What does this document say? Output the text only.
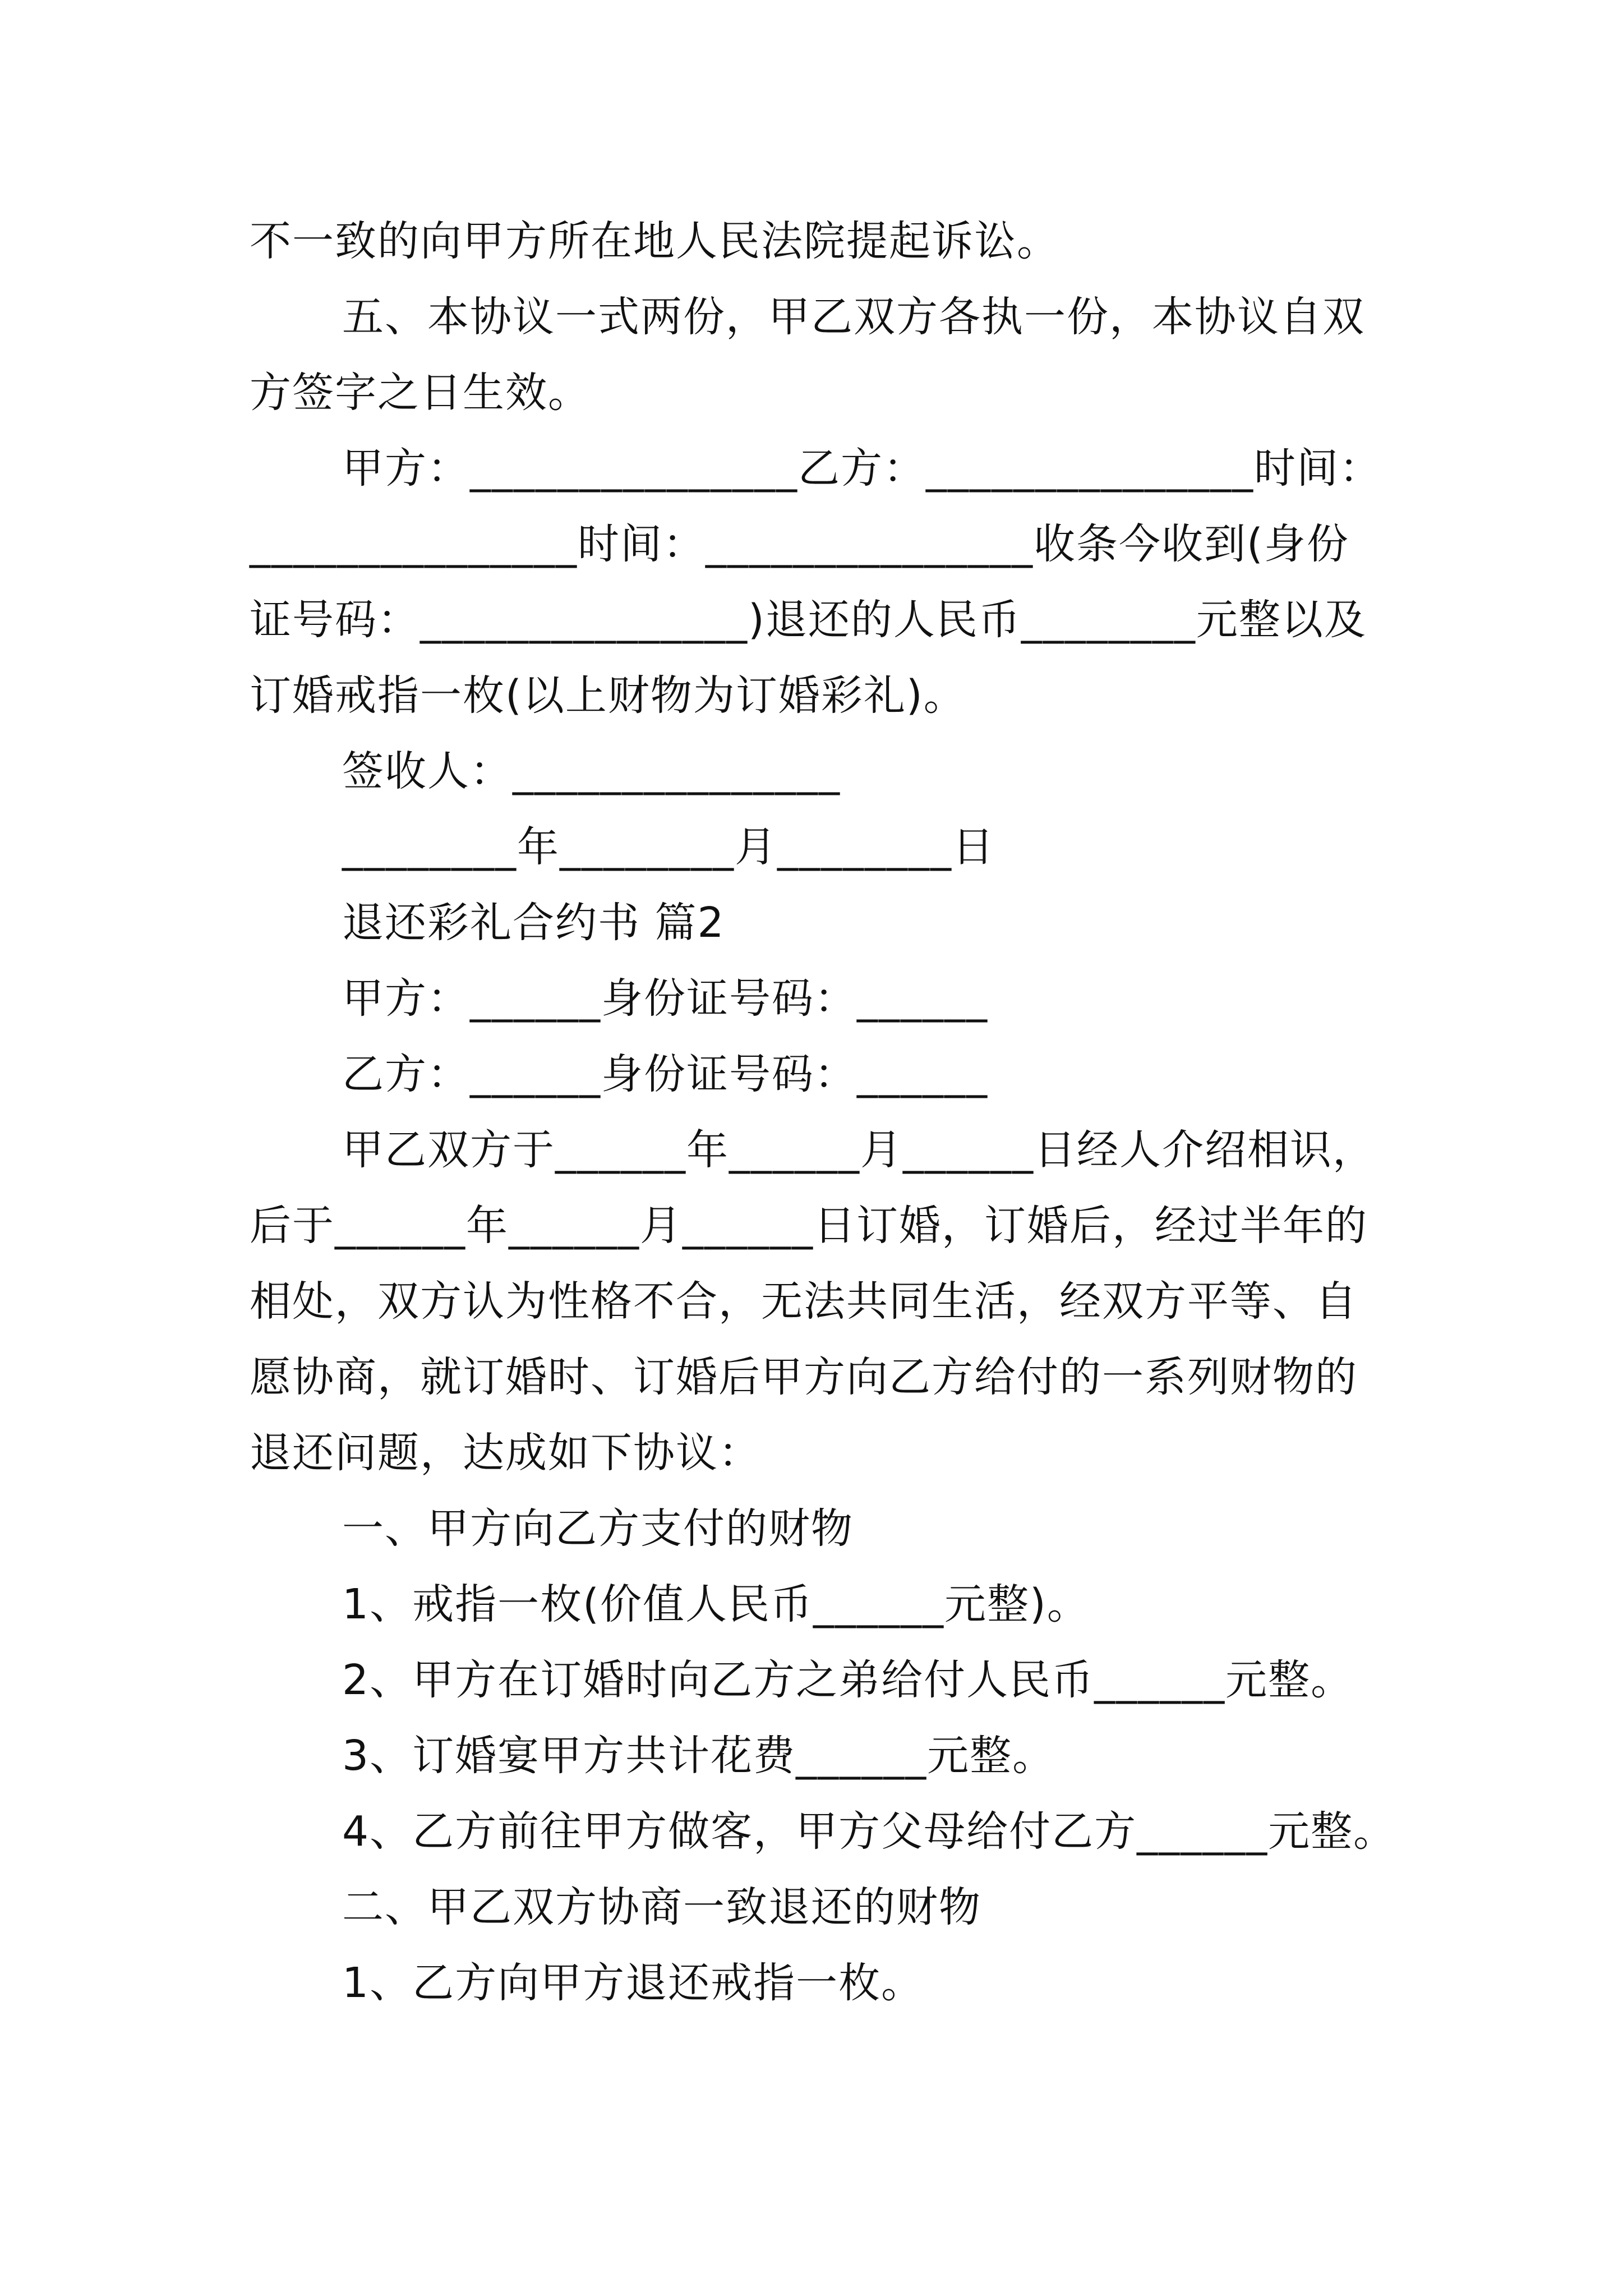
不一致的向甲方所在地人民法院提起诉讼。
五、本协议一式两份，甲乙双方各执一份，本协议自双
方签字之日生效。
甲方：_______________乙方：_______________时间：
_______________时间：_______________收条今收到(身份
证号码：_______________)退还的人民币________元整以及
订婚戒指一枚(以上财物为订婚彩礼)。
签收人：_______________
________年________月________日
退还彩礼合约书 篇2
甲方：______身份证号码：______
乙方：______身份证号码：______
甲乙双方于______年______月______日经人介绍相识，
后于______年______月______日订婚，订婚后，经过半年的
相处，双方认为性格不合，无法共同生活，经双方平等、自
愿协商，就订婚时、订婚后甲方向乙方给付的一系列财物的
退还问题，达成如下协议：
一、甲方向乙方支付的财物
1、戒指一枚(价值人民币______元整)。
2、甲方在订婚时向乙方之弟给付人民币______元整。
3、订婚宴甲方共计花费______元整。
4、乙方前往甲方做客，甲方父母给付乙方______元整。
二、甲乙双方协商一致退还的财物
1、乙方向甲方退还戒指一枚。
